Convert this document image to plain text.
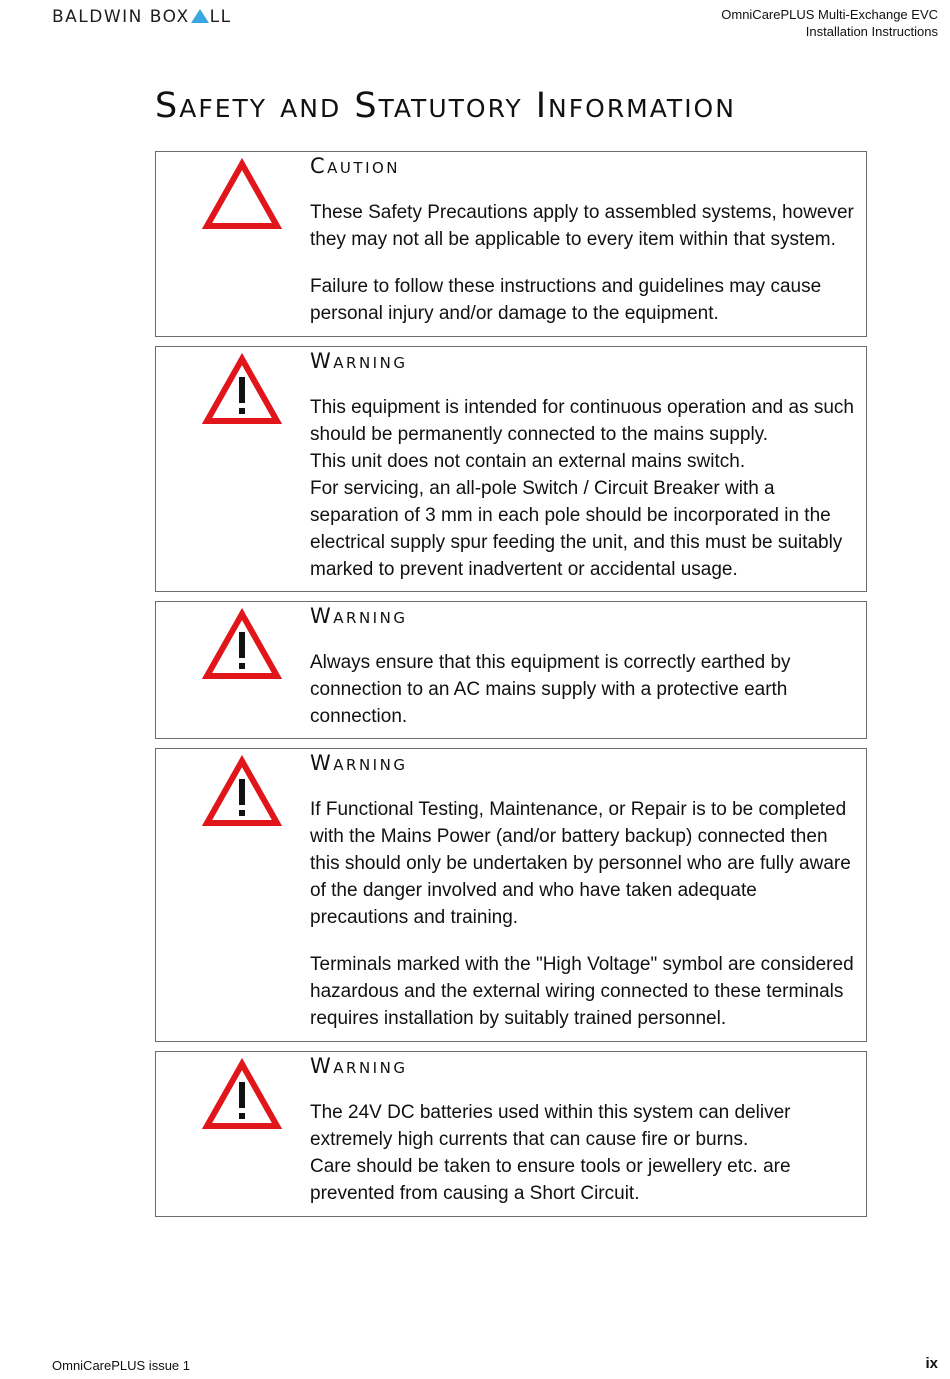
BALDWIN BOX LL	OmniCarePLUS Multi-Exchange EVC
Installation Instructions
Safety and Statutory Information
Caution

These Safety Precautions apply to assembled systems, however they may not all be applicable to every item within that system.

Failure to follow these instructions and guidelines may cause personal injury and/or damage to the equipment.

Warning

This equipment is intended for continuous operation and as such should be permanently connected to the mains supply.
This unit does not contain an external mains switch.
For servicing, an all-pole Switch / Circuit Breaker with a separation of 3 mm in each pole should be incorporated in the electrical supply spur feeding the unit, and this must be suitably marked to prevent inadvertent or accidental usage.

Warning

Always ensure that this equipment is correctly earthed by connection to an AC mains supply with a protective earth connection.

Warning

If Functional Testing, Maintenance, or Repair is to be completed with the Mains Power (and/or battery backup) connected then this should only be undertaken by personnel who are fully aware of the danger involved and who have taken adequate precautions and training.

Terminals marked with the "High Voltage" symbol are considered hazardous and the external wiring connected to these terminals requires installation by suitably trained personnel.

Warning

The 24V DC batteries used within this system can deliver extremely high currents that can cause fire or burns.
Care should be taken to ensure tools or jewellery etc. are prevented from causing a Short Circuit.

OmniCarePLUS issue 1	ix
